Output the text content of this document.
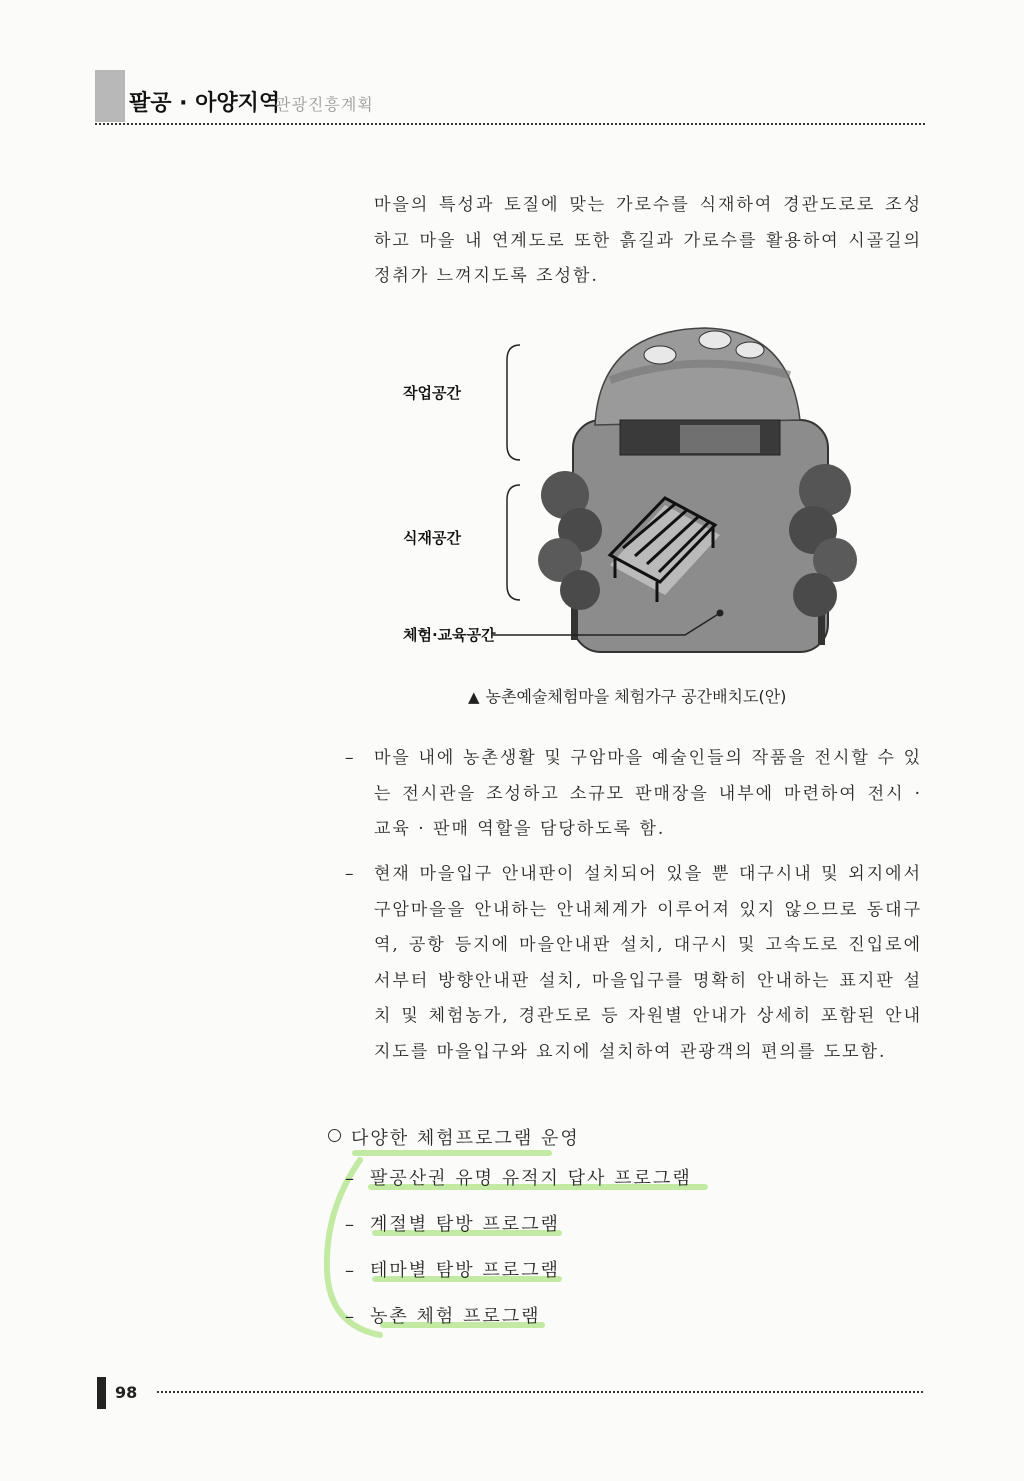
팔공 · 아양지역
관광진흥계획

마을의 특성과 토질에 맞는 가로수를 식재하여 경관도로로 조성하고 마을 내 연계도로 또한 흙길과 가로수를 활용하여 시골길의 정취가 느껴지도록 조성함.

작업공간
식재공간
체험·교육공간
▲ 농촌예술체험마을 체험가구 공간배치도(안)
– 마을 내에 농촌생활 및 구암마을 예술인들의 작품을 전시할 수 있는 전시관을 조성하고 소규모 판매장을 내부에 마련하여 전시 · 교육 · 판매 역할을 담당하도록 함.
– 현재 마을입구 안내판이 설치되어 있을 뿐 대구시내 및 외지에서 구암마을을 안내하는 안내체계가 이루어져 있지 않으므로 동대구역, 공항 등지에 마을안내판 설치, 대구시 및 고속도로 진입로에서부터 방향안내판 설치, 마을입구를 명확히 안내하는 표지판 설치 및 체험농가, 경관도로 등 자원별 안내가 상세히 포함된 안내지도를 마을입구와 요지에 설치하여 관광객의 편의를 도모함.
다양한 체험프로그램 운영
– 팔공산권 유명 유적지 답사 프로그램
– 계절별 탐방 프로그램
– 테마별 탐방 프로그램
– 농촌 체험 프로그램
98
